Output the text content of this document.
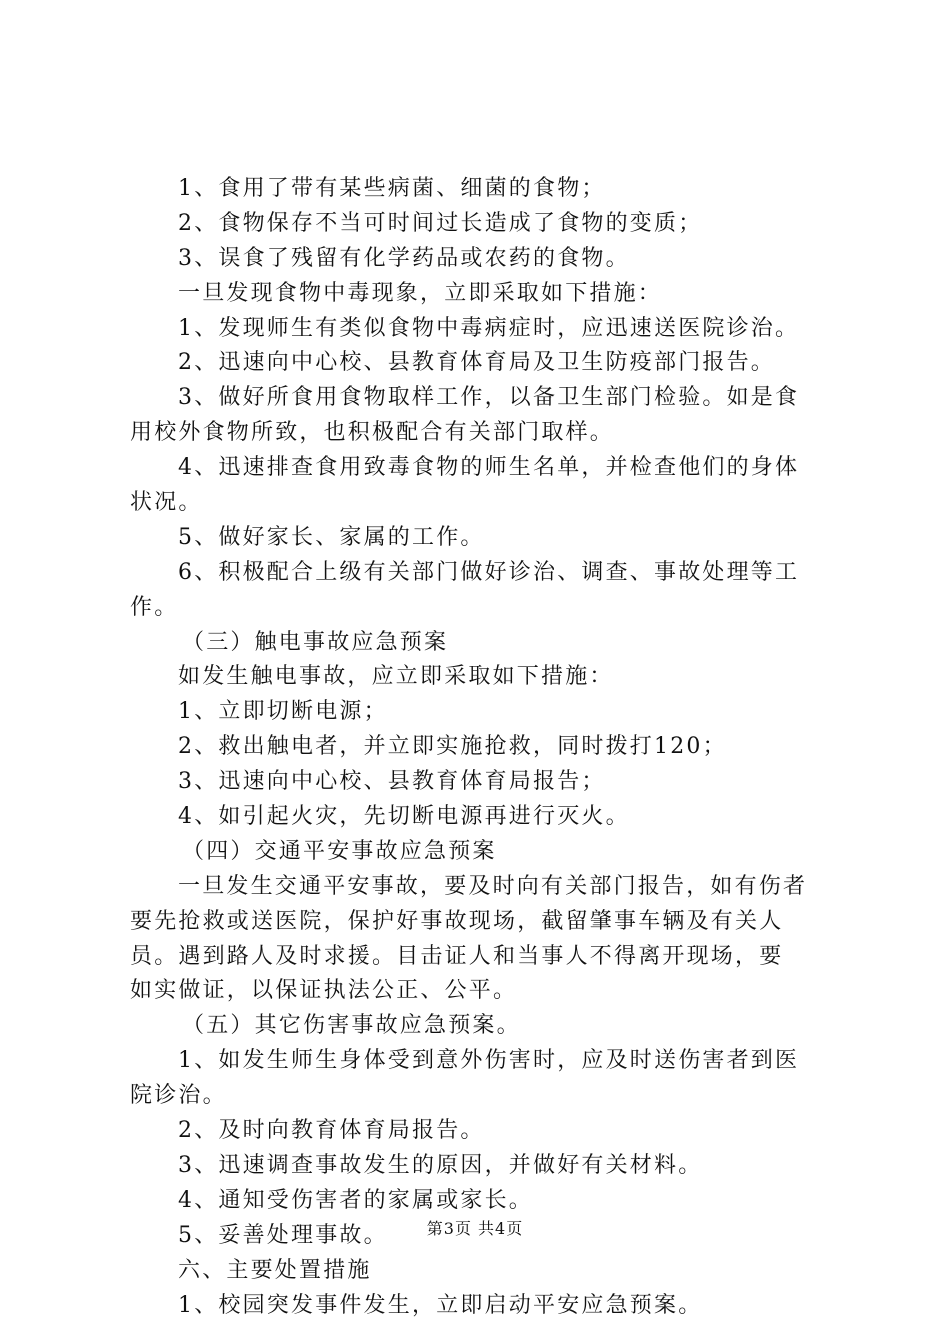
1、食用了带有某些病菌、细菌的食物；
2、食物保存不当可时间过长造成了食物的变质；
3、误食了残留有化学药品或农药的食物。
一旦发现食物中毒现象，立即采取如下措施：
1、发现师生有类似食物中毒病症时，应迅速送医院诊治。
2、迅速向中心校、县教育体育局及卫生防疫部门报告。
3、做好所食用食物取样工作，以备卫生部门检验。如是食
用校外食物所致，也积极配合有关部门取样。
4、迅速排查食用致毒食物的师生名单，并检查他们的身体
状况。
5、做好家长、家属的工作。
6、积极配合上级有关部门做好诊治、调查、事故处理等工
作。
（三）触电事故应急预案
如发生触电事故，应立即采取如下措施：
1、立即切断电源；
2、救出触电者，并立即实施抢救，同时拨打120；
3、迅速向中心校、县教育体育局报告；
4、如引起火灾，先切断电源再进行灭火。
（四）交通平安事故应急预案
一旦发生交通平安事故，要及时向有关部门报告，如有伤者
要先抢救或送医院，保护好事故现场，截留肇事车辆及有关人
员。遇到路人及时求援。目击证人和当事人不得离开现场，要
如实做证，以保证执法公正、公平。
（五）其它伤害事故应急预案。
1、如发生师生身体受到意外伤害时，应及时送伤害者到医
院诊治。
2、及时向教育体育局报告。
3、迅速调查事故发生的原因，并做好有关材料。
4、通知受伤害者的家属或家长。
5、妥善处理事故。
六、主要处置措施
1、校园突发事件发生，立即启动平安应急预案。
第3页 共4页
